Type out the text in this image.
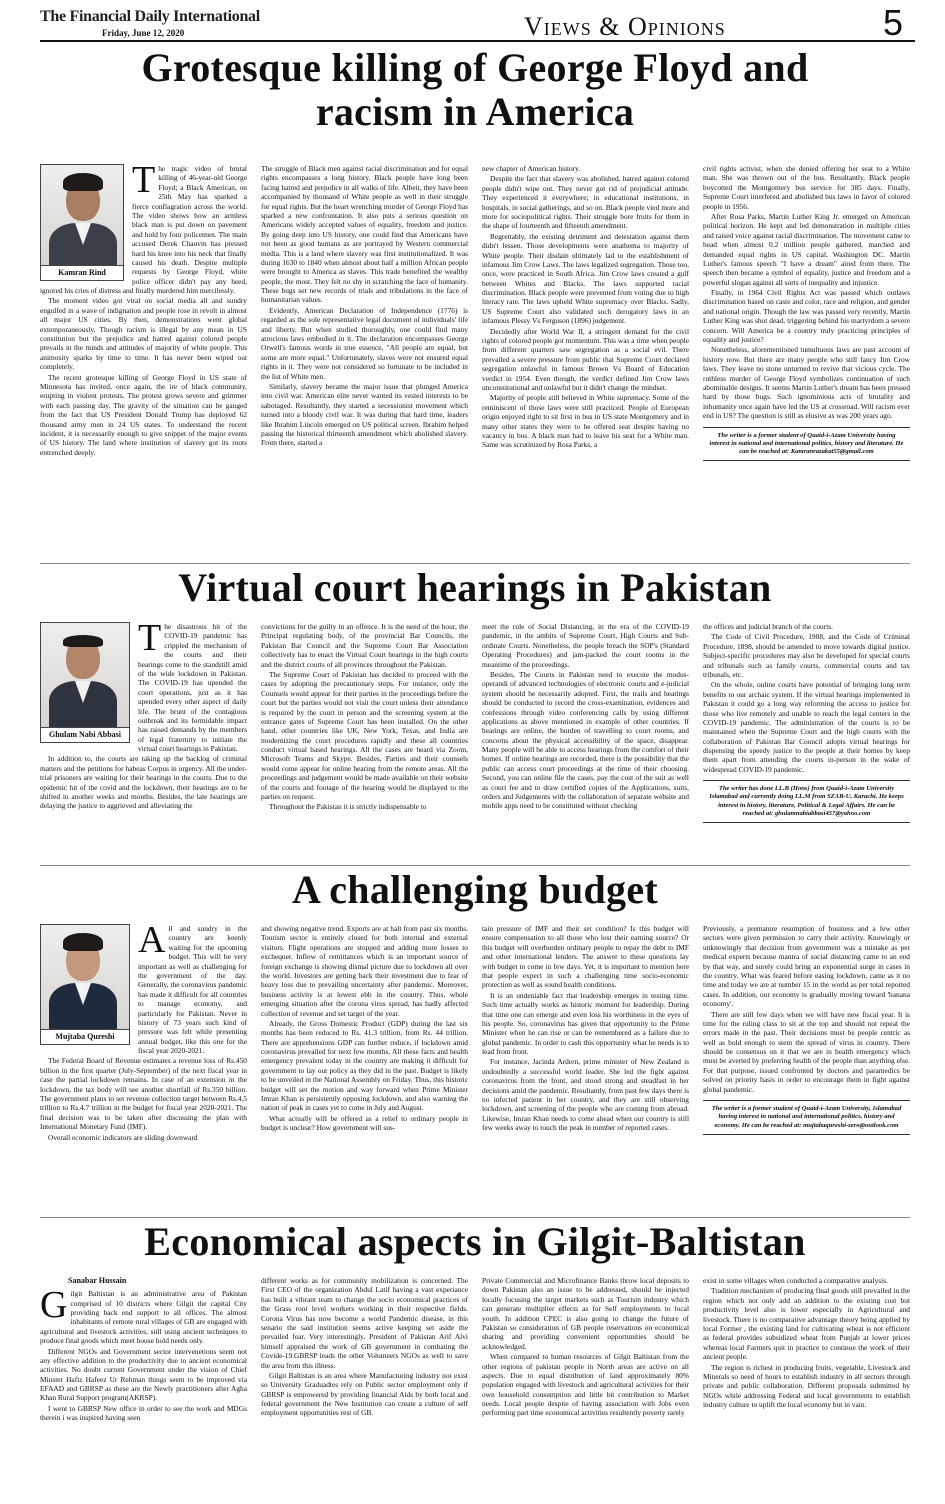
The Financial Daily International
Friday, June 12, 2020	Views & Opinions	5
Grotesque killing of George Floyd and
racism in America
Kamran Rind

The tragic video of brutal killing of 46-year-old George Floyd; a Black American, on 25th May has sparked a fierce conflagration across the world. The video shows how an armless black man is put down on pavement and hold by four policemen. The main accused Derek Chauvin has pressed hard his knee into his neck that finally caused his death. Despite multiple requests by George Floyd, white police officer didn't pay any heed, ignored his cries of distress and finally murdered him mercilessly.

The moment video got viral on social media all and sundry engulfed in a wave of indignation and people rose in revolt in almost all major US cities. By then, demonstrations went global extemporaneously. Though racism is illegal by any mean in US constitution but the prejudice and hatred against colored people prevails in the minds and attitudes of majority of white people. This animosity sparks by time to time. It has never been wiped out completely.

The recent grotesque killing of George Floyd in US state of Minnesota has invited, once again, the ire of black community, erupting in violent protests. The protest grows severe and grimmer with each passing day. The gravity of the situation can be gauged from the fact that US President Donald Trump has deployed 62 thousand army men in 24 US states. To understand the recent incident, it is necessarily enough to give snippet of the major events of US history. The land where institution of slavery got its roots entrenched deeply.

The struggle of Black men against racial discrimination and for equal rights encompasses a long history. Black people have long been facing hatred and prejudice in all walks of life. Albeit, they have been accompanied by thousand of White people as well in their struggle for equal rights. But the heart wrenching murder of George Floyd has sparked a new confrontation. It also puts a serious question on Americans widely accepted values of equality, freedom and justice. By going deep into US history, one could find that Americans have not been as good humans as are portrayed by Western commercial media. This is a land where slavery was first institutionalized. It was during 1630 to 1840 when almost about half a million African people were brought to America as slaves. This trade benefited the wealthy people, the most. They felt no shy in scratching the face of humanity. These bugs set new records of trials and tribulations in the face of humanitarian values.

Evidently, American Declaration of Independence (1776) is regarded as the sole representative legal document of individuals' life and liberty. But when studied thoroughly, one could find many atrocious laws embodied in it. The declaration encompasses George Orwell's famous words in true essence, "All people are equal, but some are more equal." Unfortunately, slaves were not ensured equal rights in it. They were not considered so fortunate to be included in the list of White men.

Similarly, slavery became the major issue that plunged America into civil war. American elite never wanted its vested interests to be sabotaged. Resultantly, they started a secessionist movement which turned into a bloody civil war. It was during that hard time, leaders like Ibrahim Lincoln emerged on US political screen. Ibrahim helped passing the historical thirteenth amendment which abolished slavery. From there, started a

new chapter of American history.

Despite the fact that slavery was abolished, hatred against colored people didn't wipe out. They never got rid of prejudicial attitude. They experienced it everywhere; in educational institutions, in hospitals, in social gatherings, and so on. Black people vied more and more for sociopolitical rights. Their struggle bore fruits for them in the shape of fourteenth and fifteenth amendment.

Regrettably, the existing detriment and detestation against them didn't lessen. Those developments were anathema to majority of White people. Their disdain ultimately lad to the establishment of infamous Jim Crow Laws. The laws legalized segregation. Those too, once, were practiced in South Africa. Jim Crow laws created a gulf between Whites and Blacks. The laws supported racial discrimination. Black people were prevented from voting due to high literacy rate. The laws upheld White supremacy over Blacks. Sadly, US Supreme Court also validated such derogatory laws in an infamous Plessy Vs Ferguson (1896) judgement.

Decidedly after World War II, a stringent demand for the civil rights of colored people got momentum. This was a time when people from different quarters saw segregation as a social evil. There prevailed a severe pressure from public that Supreme Court declared segregation unlawful in famous Brown Vs Board of Education verdict in 1954. Even though, the verdict defined Jim Crow laws unconstitutional and unlawful but it didn't change the mindset.

Majority of people still believed in White supremacy. Some of the reminiscent of those laws were still practiced. People of European origin enjoyed right to sit first in bus in US state Montgomery and in many other states they were to be offered seat despite having no vacancy in bus. A black man had to leave his seat for a White man. Same was scrutinized by Rosa Parks, a

civil rights activist, when she denied offering her seat to a White man. She was thrown out of the bus. Resultantly, Black people boycotted the Montgomery bus service for 385 days. Finally, Supreme Court interfered and abolished bus laws in favor of colored people in 1956.

After Rosa Parks, Martin Luther King Jr. emerged on American political horizon. He kept and led demonstration in multiple cities and raised voice against racial discrimination. The movement came to head when almost 0.2 million people gathered, marched and demanded equal rights in US capital, Washington DC. Martin Luther's famous speech "I have a dream" aired from there. The speech then became a symbol of equality, justice and freedom and a powerful slogan against all sorts of inequality and injustice.

Finally, in 1964 Civil Rights Act was passed which outlaws discrimination based on caste and color, race and religion, and gender and national origin. Though the law was passed very recently, Martin Luther King was shot dead, triggering behind his martyrdom a severe concern. Will America be a country truly practicing principles of equality and justice?

Nonetheless, aforementioned tumultuous laws are past account of history now. But there are many people who still fancy Jim Crow laws. They leave no stone unturned to revive that vicious cycle. The ruthless murder of George Floyd symbolizes continuation of such abominable designs. It seems Martin Luther's dream has been pressed hard by those bugs. Such ignominious acts of brutality and inhumanity once again have led the US at crossroad. Will racism ever end in US? The question is still as elusive as was 200 years ago.

The writer is a former student of Quaid-i-Azam University having interest in national and international politics, history and literature. He can be reached at: Kamranrazakat55@gmail.com
Virtual court hearings in Pakistan
Ghulam Nabi Abbasi

The disastrous hit of the COVID-19 pandemic has crippled the mechanism of the courts and their hearings come to the standstill amid of the wide lockdown in Pakistan. The COVID-19 has upended the court operations, just as it has upended every other aspect of daily life. The brunt of the contagious outbreak and its formidable impact has raised demands by the members of legal fraternity to initiate the virtual court hearings in Pakistan.

In addition to, the courts are taking up the backlog of criminal matters and the petitions for habeas Corpus in urgency. All the under-trial prisoners are waiting for their hearings in the courts. Due to the epidemic hit of the covid and the lockdown, their hearings are to be shifted in another weeks and months. Besides, the late hearings are delaying the justice to aggrieved and alleviating the

convictions for the guilty in an offence. It is the need of the hour, the Principal regulating body, of the provincial Bar Councils, the Pakistan Bar Council and the Supreme Court Bar Association collectively has to enact the Virtual Court hearings in the high courts and the district courts of all provinces throughout the Pakistan.

The Supreme Court of Pakistan has decided to proceed with the cases by adopting the precautionary steps. For instance, only the Counsels would appear for their parties in the proceedings before the court but the parties would not visit the court unless their attendance is required by the court in person and the screening system at the entrance gates of Supreme Court has been installed. On the other hand, other countries like UK, New York, Texas, and India are modernizing the court procedures rapidly and these all countries conduct virtual based hearings. All the cases are heard via Zoom, Microsoft Teams and Skype. Besides, Parties and their counsels would come appear for online hearing from the remote areas. All the proceedings and judgement would be made available on their website of the courts and footage of the hearing would be displayed to the parties on request.

Throughout the Pakistan it is strictly indispensable to

meet the rule of Social Distancing, in the era of the COVID-19 pandemic, in the ambits of Supreme Court, High Courts and Sub-ordinate Courts. Nonetheless, the people breach the SOP's (Standard Operating Procedures) and jam-packed the court rooms in the meantime of the proceedings.

Besides, The Courts in Pakistan need to execute the modus-operandi of advanced technologies of electronic courts and e-judicial system should be necessarily adopted. First, the trails and hearings should be conducted to record the cross-examination, evidences and confessions through video conferencing calls by using different applications as above mentioned in example of other countries. If hearings are online, the burden of travelling to court rooms, and concerns about the physical accessibility of the space, disappear. Many people will be able to access hearings from the comfort of their homes. If online hearings are recorded, there is the possibility that the public can access court proceedings at the time of their choosing. Second, you can online file the cases, pay the cost of the suit as well as court fee and to draw certified copies of the Applications, suits, orders and Judgements with the collaboration of separate website and mobile apps need to be constituted without checking

the offices and judicial branch of the courts.

The Code of Civil Procedure, 1908, and the Code of Criminal Procedure, 1898, should be amended to move towards digital justice. Subject-specific procedures may also be developed for special courts and tribunals such as family courts, commercial courts and tax tribunals, etc.

On the whole, online courts have potential of bringing long term benefits to our archaic system. If the virtual hearings implemented in Pakistan it could go a long way reforming the access to justice for those who live remotely and unable to reach the legal centers in the COVID-19 pandemic. The administration of the courts is to be maintained when the Supreme Court and the high courts with the collaboration of Pakistan Bar Council adopts virtual hearings for dispensing the speedy justice to the people at their homes by keep them apart from attending the courts in-person in the wake of widespread COVID-19 pandemic.

The writer has done LL.B (Hons) from Quaid-i-Azam University Islamabad and currently doing LL.M from SZAB-U, Karachi. He keeps interest in history, literature, Political & Legal Affairs. He can be reached at: ghulamnabiabbasi457@yahoo.com
A challenging budget
Mujtaba Qureshi

All and sundry in the country are keenly waiting for the upcoming budget. This will be very important as well as challenging for the government of the day. Generally, the coronavirus pandemic has made it difficult for all countries to manage economy, and particularly for Pakistan. Never in history of 73 years such kind of pressure was felt while presenting annual budget, like this one for the fiscal year 2020-2021.

The Federal Board of Revenue estimates a revenue loss of Rs.450 billion in the first quarter (July-September) of the next fiscal year in case the partial lockdown remains. In case of an extension in the lockdown, the tax body will see another shortfall of Rs.350 billion. The government plans to set revenue collection target between Rs.4.5 trillion to Rs.4.7 trillion in the budget for fiscal year 2020-2021. The final decision was to be taken after discussing the plan with International Monetary Fund (IMF).

Overall economic indicators are sliding downward

and showing negative trend. Exports are at halt from past six months. Tourism sector is entirely closed for both internal and external visitors. Flight operations are stopped and adding more losses to exchequer. Inflow of remittances which is an important source of foreign exchange is showing dismal picture due to lockdown all over the world. Investors are getting back their investment due to fear of heavy loss due to prevailing uncertainty after pandemic. Moreover, business activity is at lowest ebb in the country. Thus, whole emerging situation after the corona virus spread, has badly affected collection of revenue and set target of the year.

Already, the Gross Domestic Product (GDP) during the last six months has been reduced to Rs. 41.3 trillion, from Rs. 44 trillion. There are apprehensions GDP can further reduce, if lockdown amid coronavirus prevailed for next few months. All these facts and health emergency prevalent today in the country are making it difficult for government to lay out policy as they did in the past. Budget is likely to be unveiled in the National Assembly on Friday. Thus, this historic budget will set the motion and way forward when Prime Minister Imran Khan is persistently opposing lockdown, and also warning the nation of peak in cases yet to come in July and August.

What actually will be offered as a relief to ordinary people in budget is unclear? How government will sus-

tain pressure of IMF and their set condition? Is this budget will ensure compensation to all those who lost their earning source? Or this budget will overburden ordinary people to repay the debt to IMF and other international lenders. The answer to these questions lay with budget to come in few days. Yet, it is important to mention here that people expect in such a challenging time socio-economic protection as well as sound health conditions.

It is an undeniable fact that leadership emerges in testing time. Such time actually works as historic moment for leadership. During that time one can emerge and even loss his worthiness in the eyes of his people. So, coronavirus has given that opportunity to the Prime Minister when he can rise or can be remembered as a failure due to global pandemic. In order to cash this opportunity what he needs is to lead from front.

For instance, Jacinda Ardern, prime minister of New Zealand is undoubtedly a successful world leader. She led the fight against coronavirus from the front, and stood strong and steadfast in her decisions amid the pandemic. Resultantly, from past few days there is no infected patient in her country, and they are still observing lockdown, and screening of the people who are coming from abroad. Likewise, Imran Khan needs to come ahead when our country is still few weeks away to touch the peak in number of reported cases.

Previously, a premature resumption of business and a few other sectors were given permission to carry their activity. Knowingly or unknowingly that decision from government was a mistake as per medical experts because mantra of social distancing came to an end by that way, and surely could bring an exponential surge in cases in the country. What was feared before easing lockdown, came as it no time and today we are at number 15 in the world as per total reported cases. In addition, our economy is gradually moving toward 'banana economy'.

There are still few days when we will have new fiscal year. It is time for the ruling class to sit at the top and should not repeat the errors made in the past. Their decisions must be people centric as well as bold enough to stem the spread of virus in country. There should be consensus on it that we are in health emergency which must be averted by preferring health of the people than anything else. For that purpose, issued confronted by doctors and paramedics be solved on priority basis in order to encourage them in fight against global pandemic.

The writer is a former student of Quaid-i-Azam University, Islamabad having interest in national and international politics, history and economy. He can be reached at: mujtabaqureshi-zero@outlook.com
Economical aspects in Gilgit-Baltistan
Sanabar Hussain

Gilgit Baltistan is an administrative area of Pakistan comprised of 10 districts where Gilgit the capital City providing back end support to all offices. The almost inhabitants of remote rural villages of GB are engaged with agricultural and livestock activities, still using ancient techniques to produce final goods which meet house hold needs only.

Different NGOs and Government sector intervenetions seem not any effective addition to the productivity due to ancient economical activities. No doubt current Government under the vision of Chief Minster Hafiz Hafeez Ur Rehman things seem to be improved via EFAAD and GBRSP as these are the Newly practitioners after Agha Khan Rural Support program(AKRSP).

I went to GBRSP New office in order to see the work and MDGs therein i was inspired having seen

different works as for community mobilization is concerned. The First CEO of the organization Abdul Latif having a vast experiance has built a vibrant team to change the socio economical practices of the Grass root level workers working in their respective fields. Corona Virus has now become a world Pandemic disease, in this senario the said institution seems active keeping set aside the prevailed fear. Very interestingly, President of Pakistan Arif Alvi himself appraised the work of GB government in combating the Covide-19.GBRSP leads the other Volunteers NGOs as well to save the area from this illness.

Gilgit Baltistan is an area where Manufacturing industry not exist so University Graduadtes rely on Public sector employment only if GBRSP is empowered by providing financial Aids by both local and federal government the New Institution can create a culture of self employment opportunities rest of GB.

Private Commercial and Microfinance Banks throw local deposits to down Pakistan also an issue to be addressed, should be injected locally focusing the target markets such as Tourism industry which can generate multiplier effects as for Self employments to local youth. In addition CPEC is also going to change the future of Pakistan so consideration of GB people reservations on economical sharing and providing convenient opportunities should be acknowledged.

When compared to human resources of Gilgit Baltistan from the other regions of pakistan people in North areas are active on all aspects. Due to equal distribution of land approximately 80% population engaged with livestock and agricultural activities for their own household consumption and little bit contribution to Market needs. Local people despite of having association with Jobs even performing part time economical activities resultently poverty rarely

exist in some villages when conducted a comparative analysis.

Tradition mechanism of producing final goods still prevailed in the region which not only add an addition to the existing cost but productivity level also is lower especially in Agricultural and livestock. There is no comparative advantage theory being applied by local Former , the existing land for cultivating wheat is not efficient as federal provides subsidized wheat from Punjab at lower prices whereas local Farmers quit in practice to continue the work of their ancient people.

The region is richest in producing fruits, vegetable, Livestock and Minerals so need of hours to establish industry in all sectors through private and public collaboration. Different proposals submitted by NGOs while addressing Federal and local governments to establish industry culture to uplift the local economy but in vain.
